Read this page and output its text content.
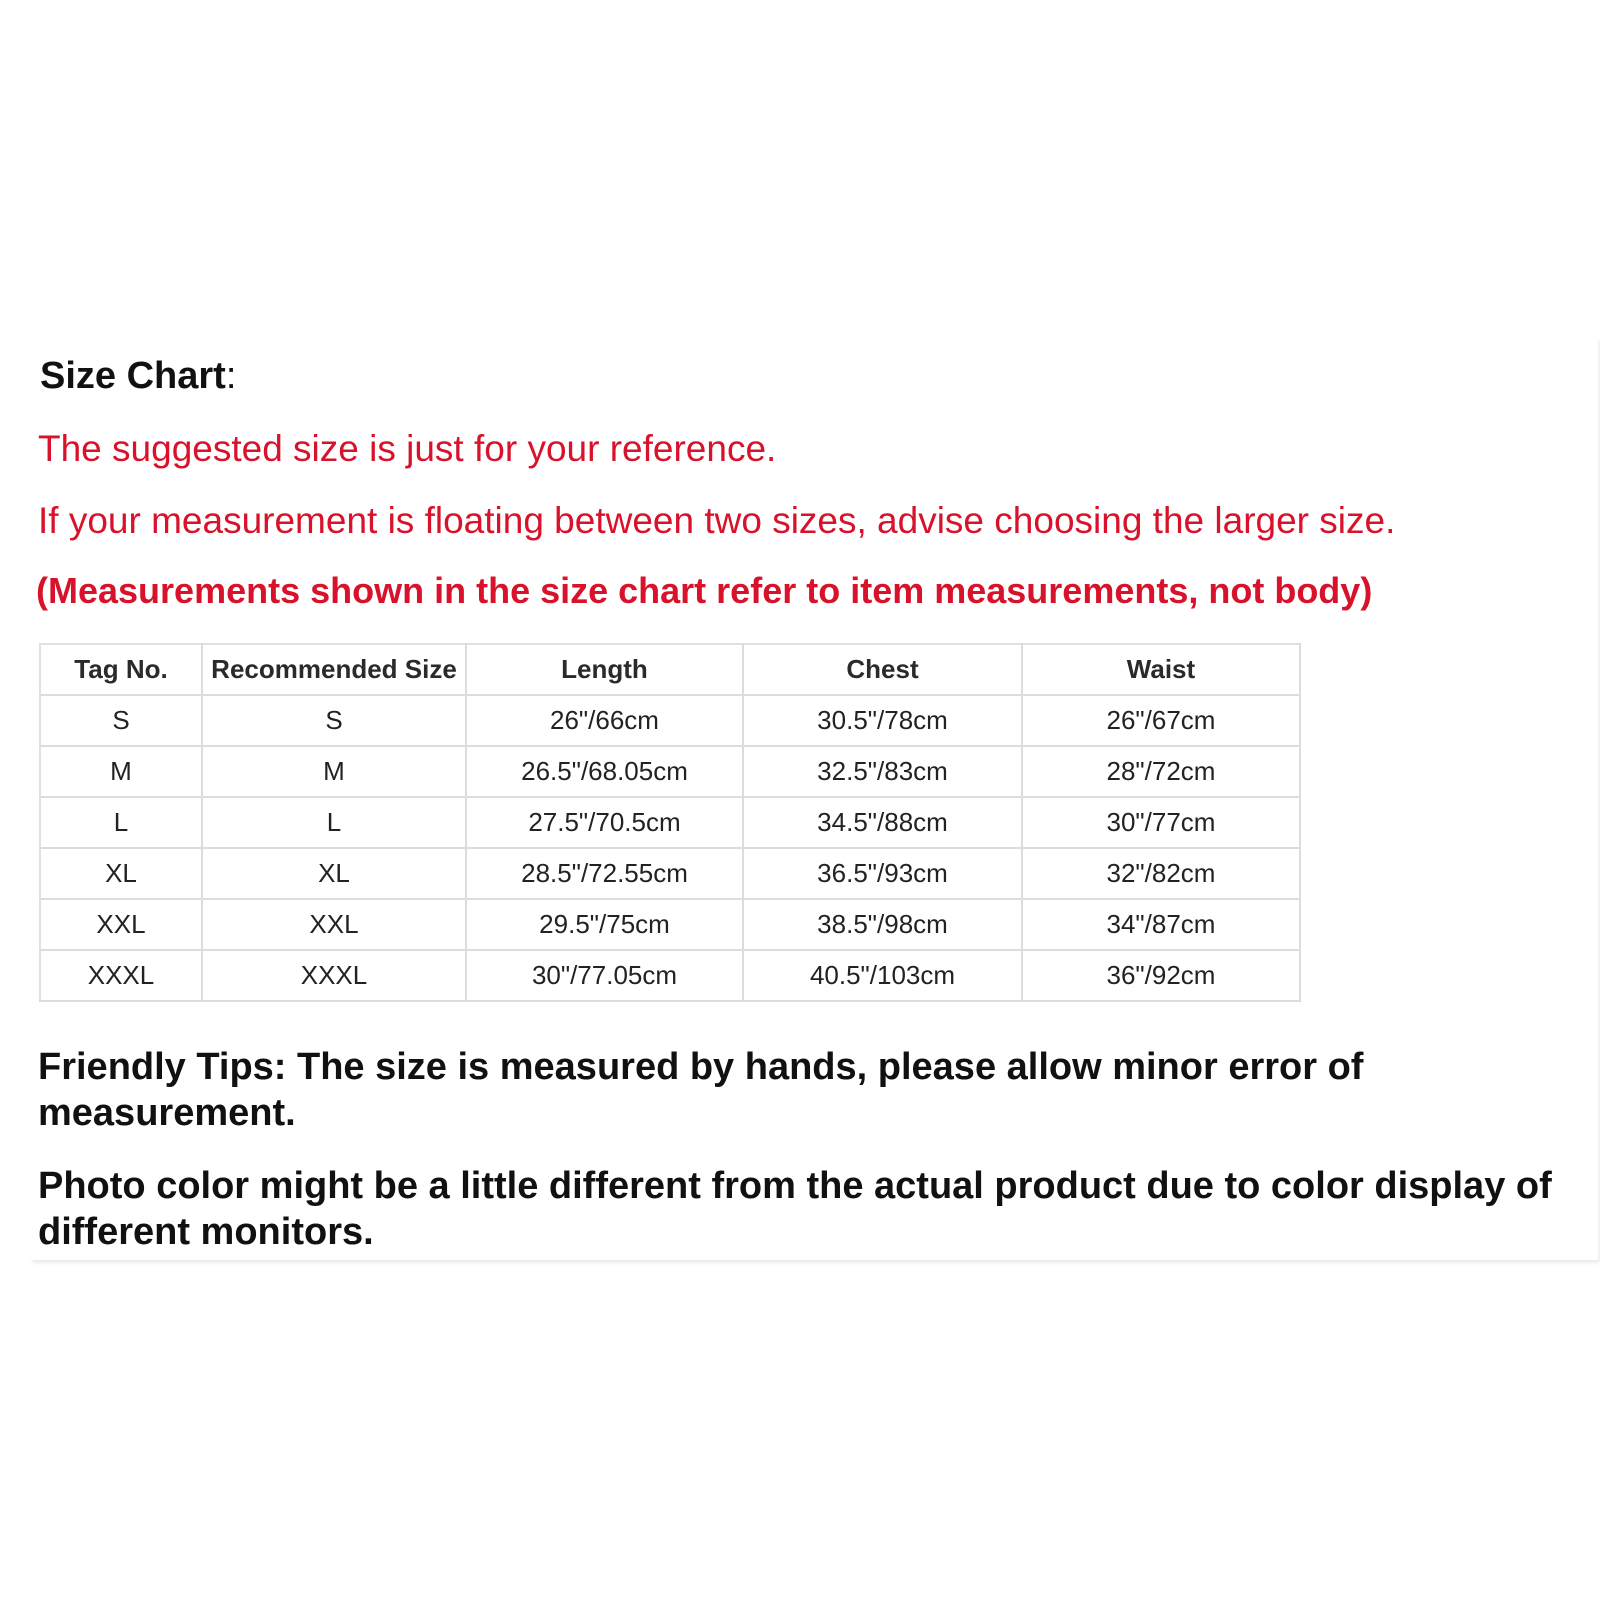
Size Chart:
The suggested size is just for your reference.
If your measurement is floating between two sizes, advise choosing the larger size.
(Measurements shown in the size chart refer to item measurements, not body)
Tag No.	Recommended Size	Length	Chest	Waist
S	S	26"/66cm	30.5"/78cm	26"/67cm
M	M	26.5"/68.05cm	32.5"/83cm	28"/72cm
L	L	27.5"/70.5cm	34.5"/88cm	30"/77cm
XL	XL	28.5"/72.55cm	36.5"/93cm	32"/82cm
XXL	XXL	29.5"/75cm	38.5"/98cm	34"/87cm
XXXL	XXXL	30"/77.05cm	40.5"/103cm	36"/92cm
Friendly Tips: The size is measured by hands, please allow minor error of measurement.
Photo color might be a little different from the actual product due to color display of different monitors.
